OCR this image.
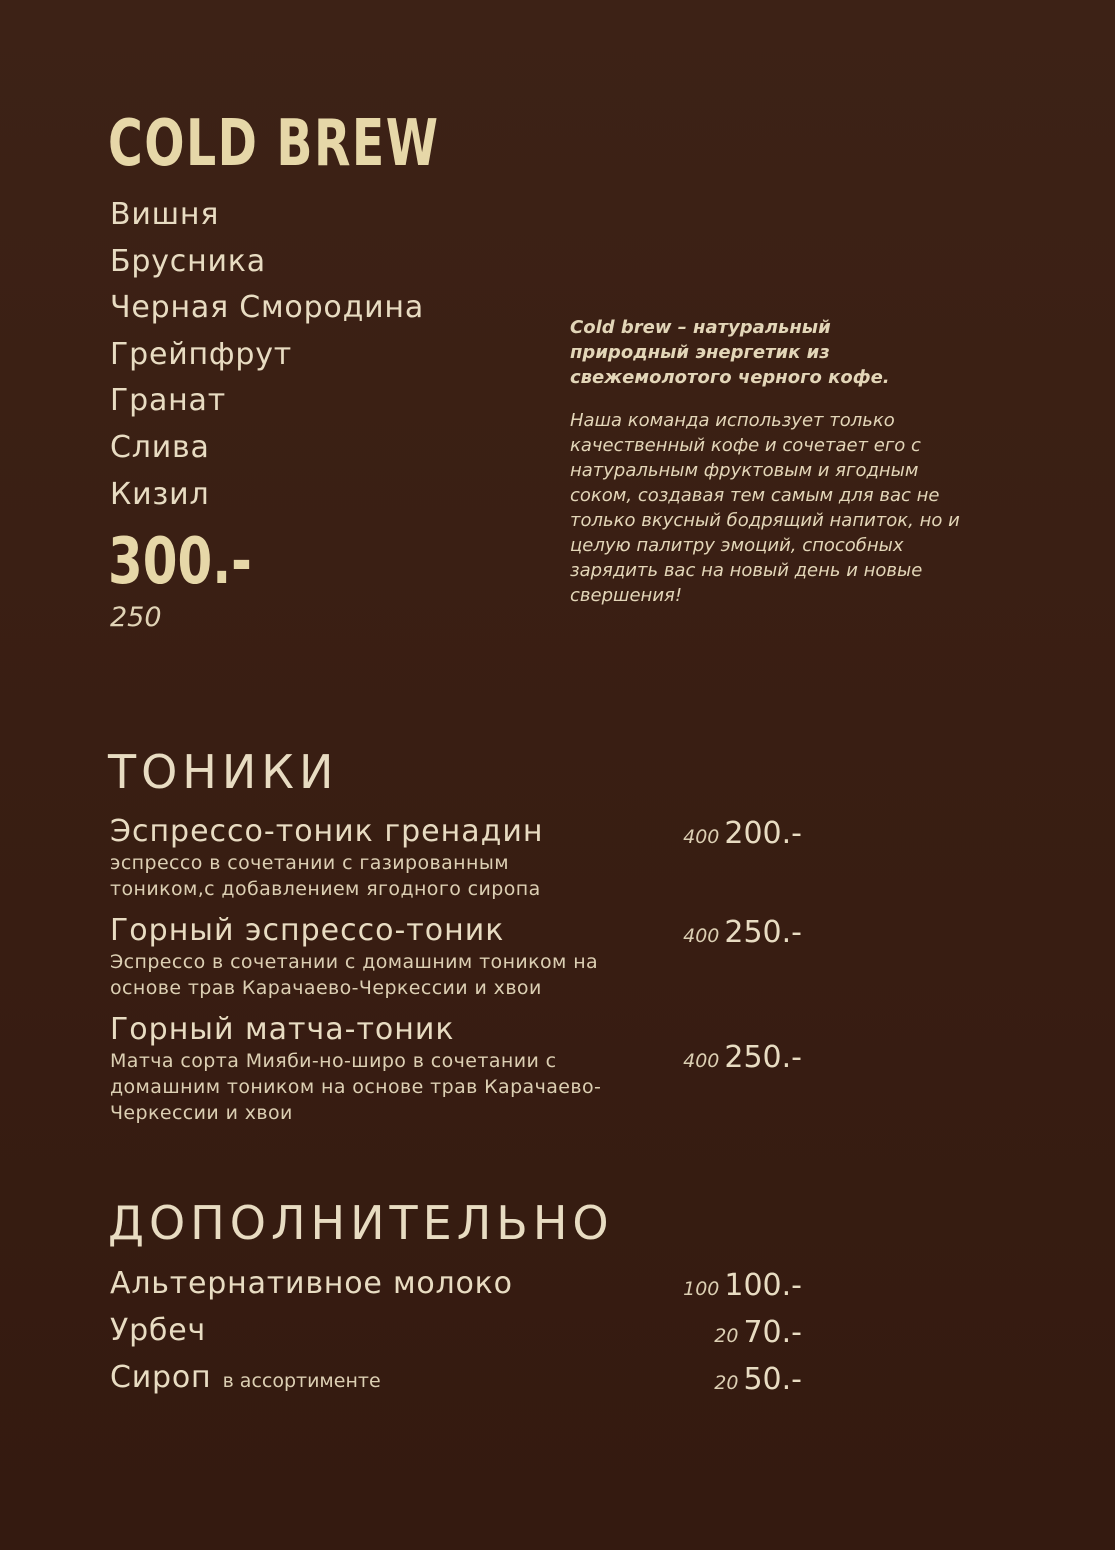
COLD BREW
Вишня
Брусника
Черная Смородина
Грейпфрут
Гранат
Слива
Кизил
300.-
250
Cold brew – натуральный природный энергетик из свежемолотого черного кофе.
Наша команда использует только качественный кофе и сочетает его с натуральным фруктовым и ягодным соком, создавая тем самым для вас не только вкусный бодрящий напиток, но и целую палитру эмоций, способных зарядить вас на новый день и новые свершения!
ТОНИКИ
Эспрессо-тоник гренадин
эспрессо в сочетании с газированным тоником,с добавлением ягодного сиропа
400 200.-
Горный эспрессо-тоник
Эспрессо в сочетании с домашним тоником на основе трав Карачаево-Черкессии и хвои
400 250.-
Горный матча-тоник
Матча сорта Мияби-но-широ в сочетании с домашним тоником на основе трав Карачаево-Черкессии и хвои
400 250.-
ДОПОЛНИТЕЛЬНО
Альтернативное молоко	100 100.-
Урбеч	20 70.-
Сироп в ассортименте	20 50.-
